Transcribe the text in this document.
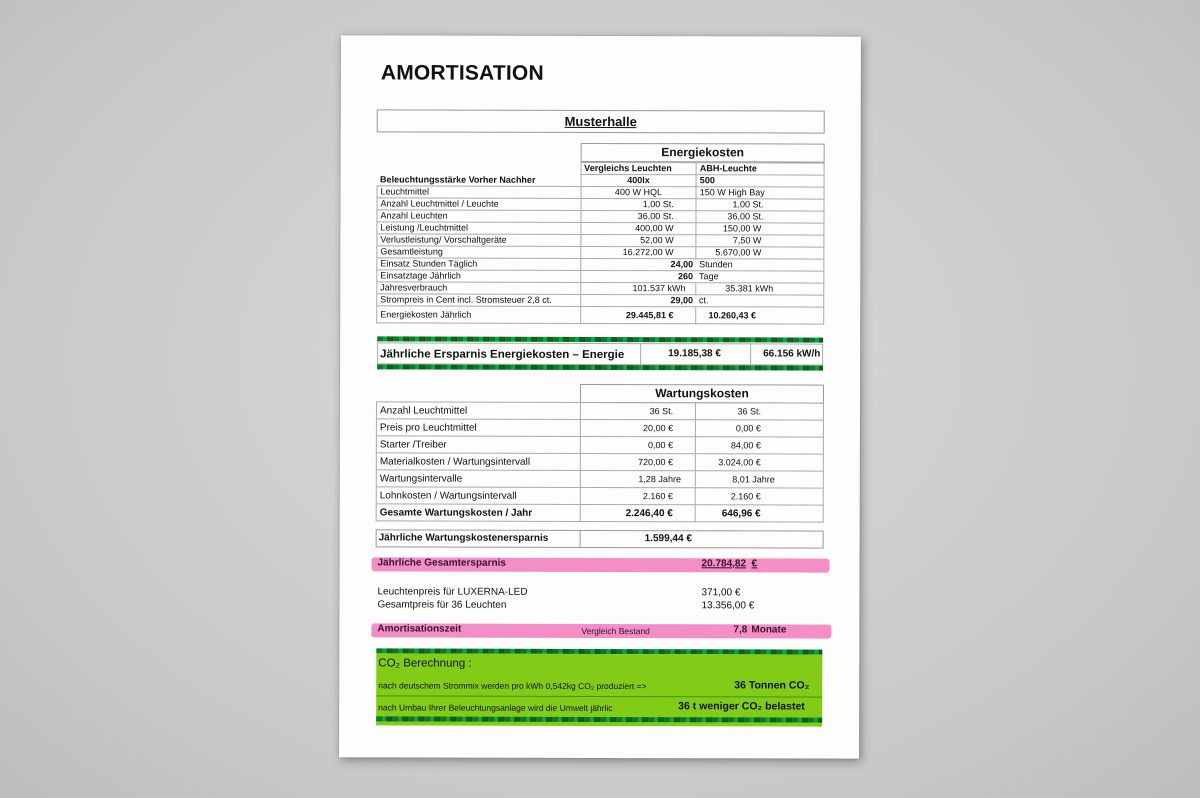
AMORTISATION
Musterhalle
Energiekosten
	Vergleichs Leuchten	ABH-Leuchte
Beleuchtungsstärke Vorher Nachher	400lx	500
Leuchtmittel	400 W HQL	150 W High Bay
Anzahl Leuchtmittel / Leuchte	1,00 St.	1,00 St.
Anzahl Leuchten	36,00 St.	36,00 St.
Leistung /Leuchtmittel	400,00 W	150,00 W
Verlustleistung/ Vorschaltgeräte	52,00 W	7,50 W
Gesamtleistung	16.272,00 W	5.670,00 W
Einsatz Stunden Täglich	24,00	Stunden
Einsatztage Jährlich	260	Tage
Jahresverbrauch	101.537 kWh	35.381 kWh
Strompreis in Cent incl. Stromsteuer 2,8 ct.	29,00	ct.
Energiekosten Jährlich	29.445,81 €	10.260,43 €
Jährliche Ersparnis Energiekosten – Energie	19.185,38 €	66.156 kW/h
Wartungskosten
Anzahl Leuchtmittel	36 St.	36 St.
Preis pro Leuchtmittel	20,00 €	0,00 €
Starter /Treiber	0,00 €	84,00 €
Materialkosten / Wartungsintervall	720,00 €	3.024,00 €
Wartungsintervalle	1,28 Jahre	8,01 Jahre
Lohnkosten / Wartungsintervall	2.160 €	2.160 €
Gesamte Wartungskosten / Jahr	2.246,40 €	646,96 €
Jährliche Wartungskostenersparnis	1.599,44 €
Jährliche Gesamtersparnis	20.784,82 €
Leuchtenpreis für LUXERNA-LED	371,00 €
Gesamtpreis für 36 Leuchten	13.356,00 €
Amortisationszeit	Vergleich Bestand	7,8 Monate
CO₂ Berechnung :
nach deutschem Strommix werden pro kWh 0,542kg CO₂ produziert =>	36 Tonnen CO₂
nach Umbau Ihrer Beleuchtungsanlage wird die Umwelt jährlic	36 t weniger CO₂ belastet
